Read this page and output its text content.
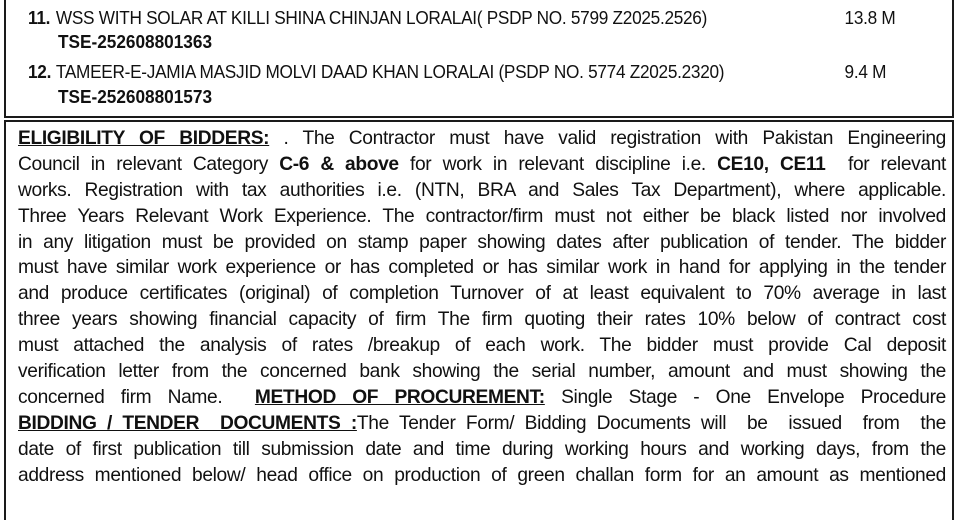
11. WSS WITH SOLAR AT KILLI SHINA CHINJAN LORALAI( PSDP NO. 5799 Z2025.2526)	13.8 M
TSE-252608801363
12. TAMEER-E-JAMIA MASJID MOLVI DAAD KHAN LORALAI (PSDP NO. 5774 Z2025.2320)	9.4 M
TSE-252608801573
ELIGIBILITY OF BIDDERS: . The Contractor must have valid registration with Pakistan Engineering
Council in relevant Category C-6 & above for work in relevant discipline i.e. CE10, CE11  for relevant
works. Registration with tax authorities i.e. (NTN, BRA and Sales Tax Department), where applicable.
Three Years Relevant Work Experience. The contractor/firm must not either be black listed nor involved
in any litigation must be provided on stamp paper showing dates after publication of tender. The bidder
must have similar work experience or has completed or has similar work in hand for applying in the tender
and produce certificates (original) of completion Turnover of at least equivalent to 70% average in last
three years showing financial capacity of firm The firm quoting their rates 10% below of contract cost
must attached the analysis of rates /breakup of each work. The bidder must provide Cal deposit
verification letter from the concerned bank showing the serial number, amount and must showing the
concerned firm Name.  METHOD OF PROCUREMENT: Single Stage - One Envelope Procedure
BIDDING / TENDER  DOCUMENTS :The Tender Form/ Bidding Documents will  be  issued  from  the
date of first publication till submission date and time during working hours and working days, from the
address mentioned below/ head office on production of green challan form for an amount as mentioned
